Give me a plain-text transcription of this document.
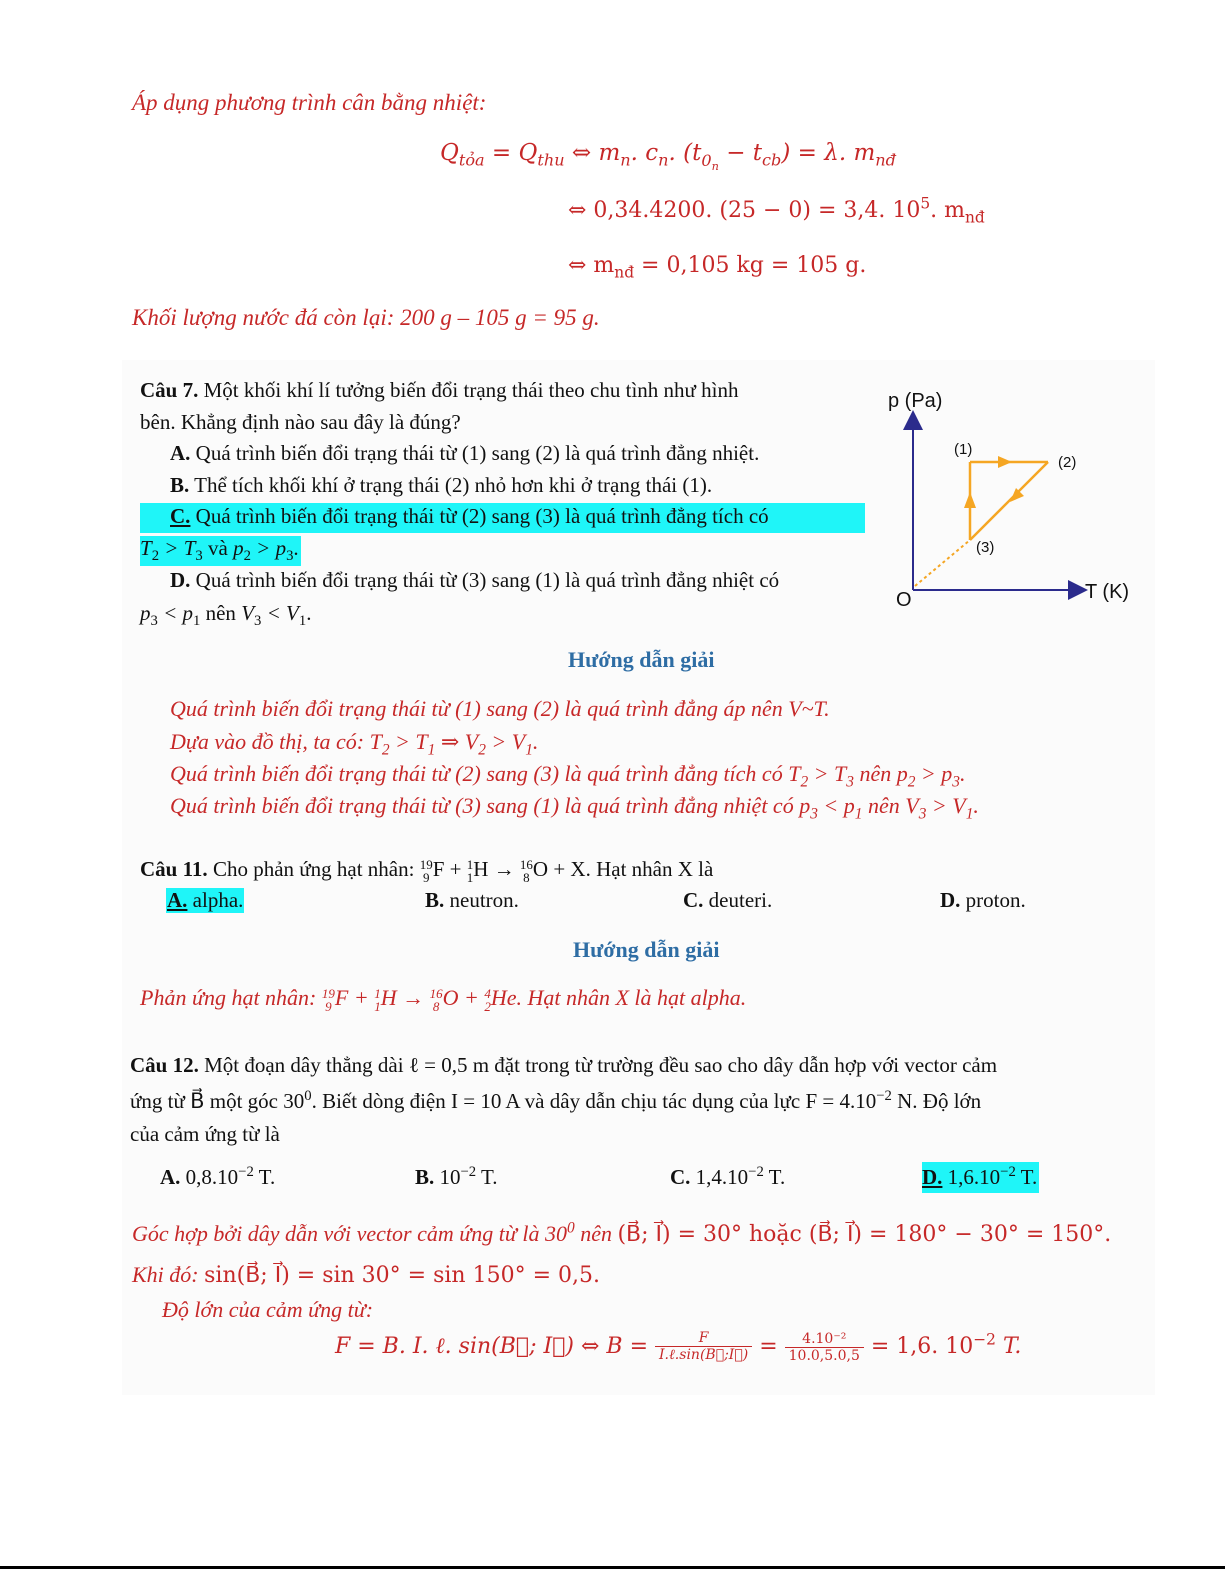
Áp dụng phương trình cân bằng nhiệt:
$Q_{tỏa} = Q_{thu}$ ⇔ $m_n$. $c_n$. $(t_{0_n} - t_{cb}) = \lambda$. $m_{nđ}$
⇔ 0,34.4200. (25 − 0) = 3,4. $10^5$. $m_{nđ}$
⇔ $m_{nđ} = 0,105$ kg = 105 g.
Khối lượng nước đá còn lại: 200 g – 105 g = 95 g.
Câu 7. Một khối khí lí tưởng biến đổi trạng thái theo chu tình như hình
bên. Khẳng định nào sau đây là đúng?
A. Quá trình biến đổi trạng thái từ (1) sang (2) là quá trình đẳng nhiệt.
B. Thể tích khối khí ở trạng thái (2) nhỏ hơn khi ở trạng thái (1).
C. Quá trình biến đổi trạng thái từ (2) sang (3) là quá trình đẳng tích có
$T_2 > T_3$ và $p_2 > p_3$.
D. Quá trình biến đổi trạng thái từ (3) sang (1) là quá trình đẳng nhiệt có
$p_3 < p_1$ nên $V_3 < V_1$.
p (Pa)
T (K)
O
(1)
(2)
(3)
Hướng dẫn giải
Quá trình biến đổi trạng thái từ (1) sang (2) là quá trình đẳng áp nên V~T.
Dựa vào đồ thị, ta có: $T_2 > T_1$ ⇒ $V_2 > V_1$.
Quá trình biến đổi trạng thái từ (2) sang (3) là quá trình đẳng tích có $T_2 > T_3$ nên $p_2 > p_3$.
Quá trình biến đổi trạng thái từ (3) sang (1) là quá trình đẳng nhiệt có $p_3 < p_1$ nên $V_3 > V_1$.
Câu 11. Cho phản ứng hạt nhân: 19
9 F + 1
1 H → 16
8 O + X. Hạt nhân X là
A. alpha.	B. neutron.	C. deuteri.	D. proton.
Hướng dẫn giải
Phản ứng hạt nhân: 19
9 F + 1
1 H → 16
8 O + 4
2 He. Hạt nhân X là hạt alpha.
Câu 12. Một đoạn dây thẳng dài ℓ = 0,5 m đặt trong từ trường đều sao cho dây dẫn hợp với vector cảm
ứng từ B⃗ một góc $30^0$. Biết dòng điện I = 10 A và dây dẫn chịu tác dụng của lực $F = 4.10^{-2}$ N. Độ lớn
của cảm ứng từ là
A. $0,8.10^{-2}$ T.	B. $10^{-2}$ T.	C. $1,4.10^{-2}$ T.	D. $1,6.10^{-2}$ T.
Góc hợp bởi dây dẫn với vector cảm ứng từ là $30^0$ nên (B⃗; I⃗) = 30° hoặc (B⃗; I⃗) = 180° − 30° = 150°.
Khi đó: sin(B⃗; I⃗) = sin 30° = sin 150° = 0,5.
Độ lớn của cảm ứng từ:
F = B. I. ℓ. sin(B⃗; I⃗) ⇔ $B = \frac{F}{\text{I.ℓ.sin(B⃗;I⃗)}} = \frac{\text{4.10⁻²}}{10.0,5.0,5} = 1,6$. $10^{-2}$ T.
